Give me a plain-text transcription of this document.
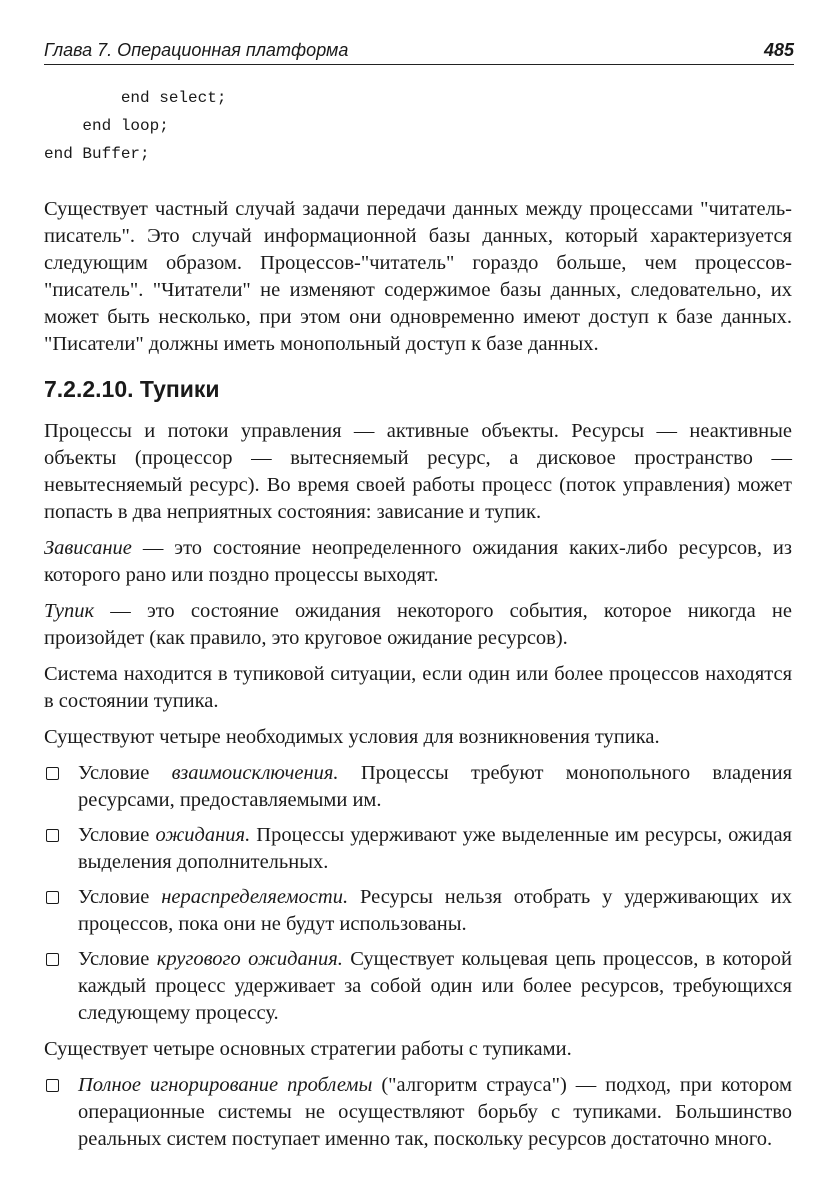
Глава 7. Операционная платформа	485
end select;
end loop;
end Buffer;

Существует частный случай задачи передачи данных между процессами "читатель-писатель". Это случай информационной базы данных, который характеризуется следующим образом. Процессов-"читатель" гораздо больше, чем процессов-"писатель". "Читатели" не изменяют содержимое базы данных, следовательно, их может быть несколько, при этом они одновременно имеют доступ к базе данных. "Писатели" должны иметь монопольный доступ к базе данных.

7.2.2.10. Тупики

Процессы и потоки управления — активные объекты. Ресурсы — неактивные объекты (процессор — вытесняемый ресурс, а дисковое пространство — невытесняемый ресурс). Во время своей работы процесс (поток управления) может попасть в два неприятных состояния: зависание и тупик.

Зависание — это состояние неопределенного ожидания каких-либо ресурсов, из которого рано или поздно процессы выходят.

Тупик — это состояние ожидания некоторого события, которое никогда не произойдет (как правило, это круговое ожидание ресурсов).

Система находится в тупиковой ситуации, если один или более процессов находятся в состоянии тупика.

Существуют четыре необходимых условия для возникновения тупика.

Условие взаимоисключения. Процессы требуют монопольного владения ресурсами, предоставляемыми им.
Условие ожидания. Процессы удерживают уже выделенные им ресурсы, ожидая выделения дополнительных.
Условие нераспределяемости. Ресурсы нельзя отобрать у удерживающих их процессов, пока они не будут использованы.
Условие кругового ожидания. Существует кольцевая цепь процессов, в которой каждый процесс удерживает за собой один или более ресурсов, требующихся следующему процессу.

Существует четыре основных стратегии работы с тупиками.

Полное игнорирование проблемы ("алгоритм страуса") — подход, при котором операционные системы не осуществляют борьбу с тупиками. Большинство реальных систем поступает именно так, поскольку ресурсов достаточно много.
